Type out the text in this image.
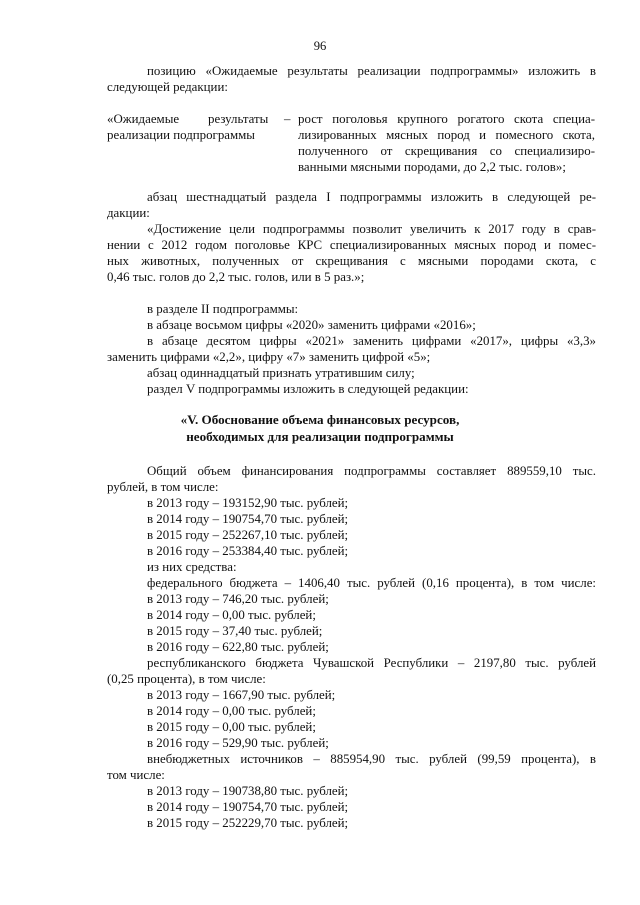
96

позицию «Ожидаемые результаты реализации подпрограммы» изложить в

следующей редакции:

«Ожидаемые результаты –

реализации подпрограммы

рост поголовья крупного рогатого скота специа-

лизированных мясных пород и помесного скота,

полученного от скрещивания со специализиро-

ванными мясными породами, до 2,2 тыс. голов»;

абзац шестнадцатый раздела I подпрограммы изложить в следующей ре-

дакции:

«Достижение цели подпрограммы позволит увеличить к 2017 году в срав-

нении с 2012 годом поголовье КРС специализированных мясных пород и помес-

ных животных, полученных от скрещивания с мясными породами скота, с

0,46 тыс. голов до 2,2 тыс. голов, или в 5 раз.»;

в разделе II подпрограммы:

в абзаце восьмом цифры «2020» заменить цифрами «2016»;

в абзаце десятом цифры «2021» заменить цифрами «2017», цифры «3,3»

заменить цифрами «2,2», цифру «7» заменить цифрой «5»;

абзац одиннадцатый признать утратившим силу;

раздел V подпрограммы изложить в следующей редакции:

«V. Обоснование объема финансовых ресурсов,

необходимых для реализации подпрограммы

Общий объем финансирования подпрограммы составляет 889559,10 тыс.

рублей, в том числе:

в 2013 году – 193152,90 тыс. рублей;

в 2014 году – 190754,70 тыс. рублей;

в 2015 году – 252267,10 тыс. рублей;

в 2016 году – 253384,40 тыс. рублей;

из них средства:

федерального бюджета – 1406,40 тыс. рублей (0,16 процента), в том числе:

в 2013 году – 746,20 тыс. рублей;

в 2014 году – 0,00 тыс. рублей;

в 2015 году – 37,40 тыс. рублей;

в 2016 году – 622,80 тыс. рублей;

республиканского бюджета Чувашской Республики – 2197,80 тыс. рублей

(0,25 процента), в том числе:

в 2013 году – 1667,90 тыс. рублей;

в 2014 году – 0,00 тыс. рублей;

в 2015 году – 0,00 тыс. рублей;

в 2016 году – 529,90 тыс. рублей;

внебюджетных источников – 885954,90 тыс. рублей (99,59 процента), в

том числе:

в 2013 году – 190738,80 тыс. рублей;

в 2014 году – 190754,70 тыс. рублей;

в 2015 году – 252229,70 тыс. рублей;
